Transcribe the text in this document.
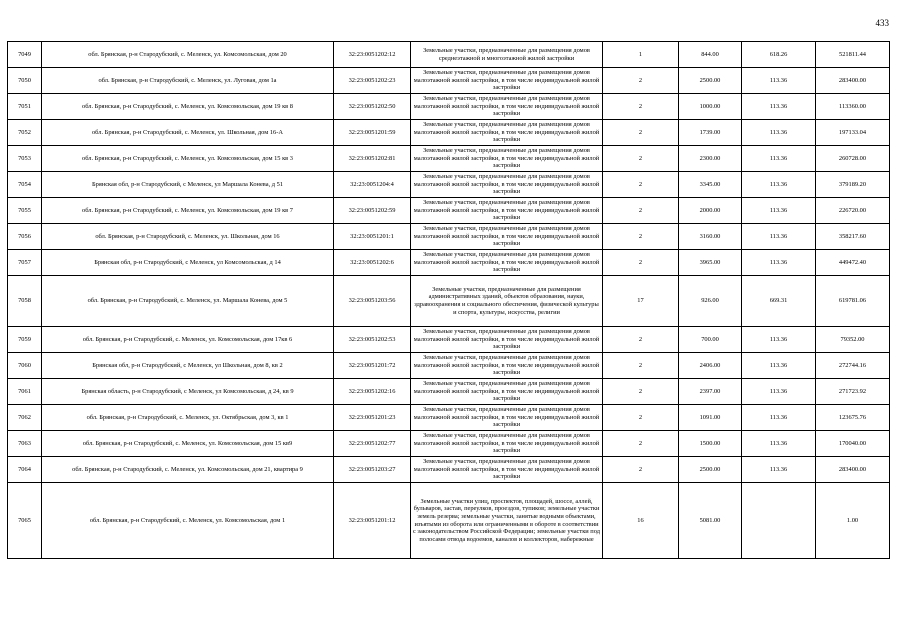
433
7049	обл. Брянская, р-н Стародубский, с. Меленск, ул. Комсомольская, дом 20	32:23:0051202:12	Земельные участки, предназначенные для размещения домов среднеэтажной и многоэтажной жилой застройки	1	844.00	618.26	521811.44
7050	обл. Брянская, р-н Стародубский, с. Меленск, ул. Луговая, дом 1а	32:23:0051202:23	Земельные участки, предназначенные для размещения домов малоэтажной жилой застройки, в том числе индивидуальной жилой застройки	2	2500.00	113.36	283400.00
7051	обл. Брянская, р-н Стародубский, с. Меленск, ул. Комсомольская, дом 19 кв 8	32:23:0051202:50	Земельные участки, предназначенные для размещения домов малоэтажной жилой застройки, в том числе индивидуальной жилой застройки	2	1000.00	113.36	113360.00
7052	обл. Брянская, р-н Стародубский, с. Меленск, ул. Школьная, дом 16-А	32:23:0051201:59	Земельные участки, предназначенные для размещения домов малоэтажной жилой застройки, в том числе индивидуальной жилой застройки	2	1739.00	113.36	197133.04
7053	обл. Брянская, р-н Стародубский, с. Меленск, ул. Комсомольская, дом 15 кв 3	32:23:0051202:81	Земельные участки, предназначенные для размещения домов малоэтажной жилой застройки, в том числе индивидуальной жилой застройки	2	2300.00	113.36	260728.00
7054	Брянская обл, р-н Стародубский, с Меленск, ул Маршала Конева, д 51	32:23:0051204:4	Земельные участки, предназначенные для размещения домов малоэтажной жилой застройки, в том числе индивидуальной жилой застройки	2	3345.00	113.36	379189.20
7055	обл. Брянская, р-н Стародубский, с. Меленск, ул. Комсомольская, дом 19 кв 7	32:23:0051202:59	Земельные участки, предназначенные для размещения домов малоэтажной жилой застройки, в том числе индивидуальной жилой застройки	2	2000.00	113.36	226720.00
7056	обл. Брянская, р-н Стародубский, с. Меленск, ул. Школьная, дом 16	32:23:0051201:1	Земельные участки, предназначенные для размещения домов малоэтажной жилой застройки, в том числе индивидуальной жилой застройки	2	3160.00	113.36	358217.60
7057	Брянская обл, р-н Стародубский, с Меленск, ул Комсомольская, д 14	32:23:0051202:6	Земельные участки, предназначенные для размещения домов малоэтажной жилой застройки, в том числе индивидуальной жилой застройки	2	3965.00	113.36	449472.40
7058	обл. Брянская, р-н Стародубский, с. Меленск, ул. Маршала Конева, дом 5	32:23:0051203:56	Земельные участки, предназначенные для размещения административных зданий, объектов образования, науки, здравоохранения и социального обеспечения, физической культуры и спорта, культуры, искусства, религии	17	926.00	669.31	619781.06
7059	обл. Брянская, р-н Стародубский, с. Меленск, ул. Комсомольская, дом 17кв 6	32:23:0051202:53	Земельные участки, предназначенные для размещения домов малоэтажной жилой застройки, в том числе индивидуальной жилой застройки	2	700.00	113.36	79352.00
7060	Брянская обл, р-н Стародубский, с Меленск, ул Школьная, дом 8, кв 2	32:23:0051201:72	Земельные участки, предназначенные для размещения домов малоэтажной жилой застройки, в том числе индивидуальной жилой застройки	2	2406.00	113.36	272744.16
7061	Брянская область, р-н Стародубский, с Меленск, ул Комсомольская, д 24, кв 9	32:23:0051202:16	Земельные участки, предназначенные для размещения домов малоэтажной жилой застройки, в том числе индивидуальной жилой застройки	2	2397.00	113.36	271723.92
7062	обл. Брянская, р-н Стародубский, с. Меленск, ул. Октябрьская, дом 3, кв 1	32:23:0051201:23	Земельные участки, предназначенные для размещения домов малоэтажной жилой застройки, в том числе индивидуальной жилой застройки	2	1091.00	113.36	123675.76
7063	обл. Брянская, р-н Стародубский, с. Меленск, ул. Комсомольская, дом 15 кв9	32:23:0051202:77	Земельные участки, предназначенные для размещения домов малоэтажной жилой застройки, в том числе индивидуальной жилой застройки	2	1500.00	113.36	170040.00
7064	обл. Брянская, р-н Стародубский, с. Меленск, ул. Комсомольская, дом 21, квартира 9	32:23:0051203:27	Земельные участки, предназначенные для размещения домов малоэтажной жилой застройки, в том числе индивидуальной жилой застройки	2	2500.00	113.36	283400.00
7065	обл. Брянская, р-н Стародубский, с. Меленск, ул. Комсомольская, дом 1	32:23:0051201:12	Земельные участки улиц, проспектов, площадей, шоссе, аллей, бульваров, застав, переулков, проездов, тупиков; земельные участки земель резерва; земельные участки, занятые водными объектами, изъятыми из оборота или ограниченными в обороте в соответствии с законодательством Российской Федерации; земельные участки под полосами отвода водоемов, каналов и коллекторов, набережные	16	5081.00		1.00
